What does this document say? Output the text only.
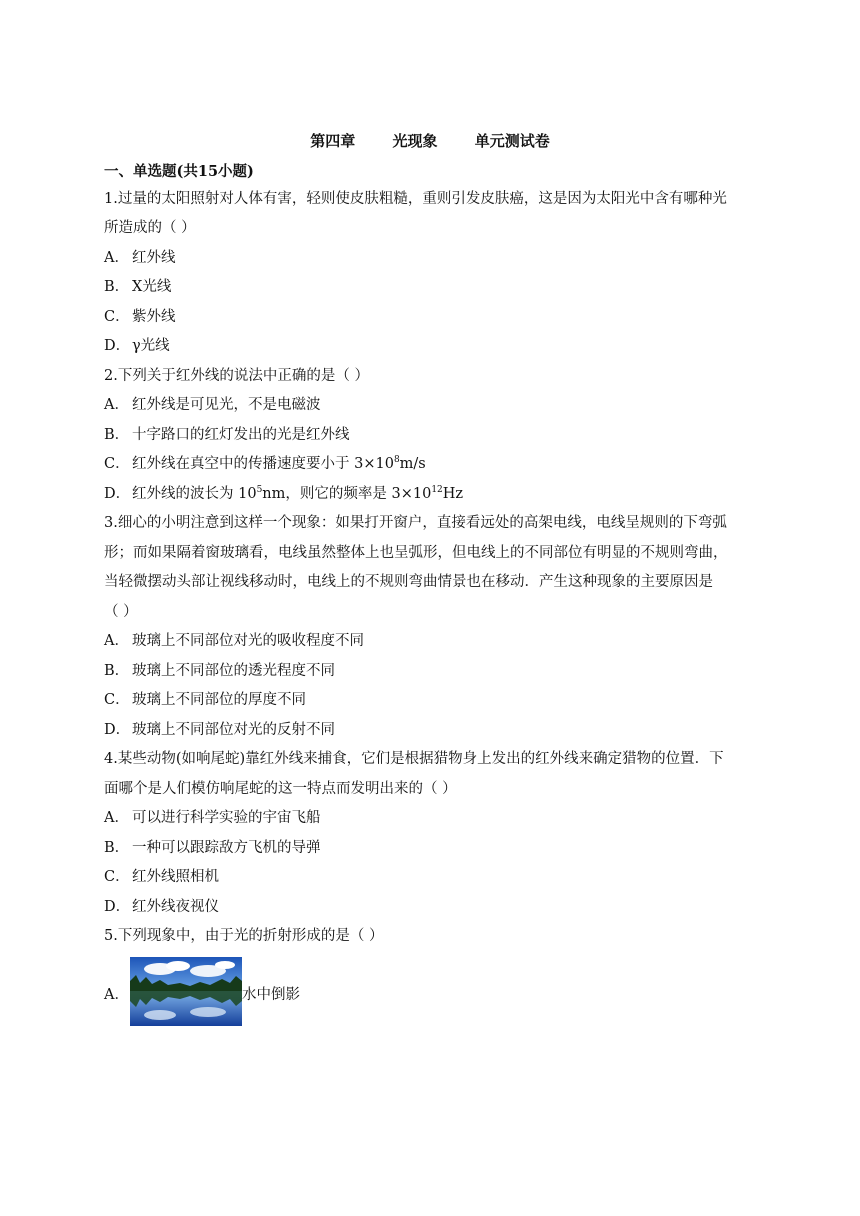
第四章 光现象 单元测试卷
一、单选题(共15小题)
1.过量的太阳照射对人体有害，轻则使皮肤粗糙，重则引发皮肤癌，这是因为太阳光中含有哪种光
所造成的（ ）
A． 红外线
B． X光线
C． 紫外线
D． γ光线
2.下列关于红外线的说法中正确的是（ ）
A． 红外线是可见光，不是电磁波
B． 十字路口的红灯发出的光是红外线
C． 红外线在真空中的传播速度要小于 $3\times 10^8m/s$
D． 红外线的波长为 $10^5nm$，则它的频率是 $3\times 10^{12}Hz$
3.细心的小明注意到这样一个现象：如果打开窗户，直接看远处的高架电线，电线呈规则的下弯弧
形；而如果隔着窗玻璃看，电线虽然整体上也呈弧形，但电线上的不同部位有明显的不规则弯曲，
当轻微摆动头部让视线移动时，电线上的不规则弯曲情景也在移动．产生这种现象的主要原因是
（ ）
A． 玻璃上不同部位对光的吸收程度不同
B． 玻璃上不同部位的透光程度不同
C． 玻璃上不同部位的厚度不同
D． 玻璃上不同部位对光的反射不同
4.某些动物(如响尾蛇)靠红外线来捕食，它们是根据猎物身上发出的红外线来确定猎物的位置．下
面哪个是人们模仿响尾蛇的这一特点而发明出来的（ ）
A． 可以进行科学实验的宇宙飞船
B． 一种可以跟踪敌方飞机的导弹
C． 红外线照相机
D． 红外线夜视仪
5.下列现象中，由于光的折射形成的是（ ）
A．	水中倒影
